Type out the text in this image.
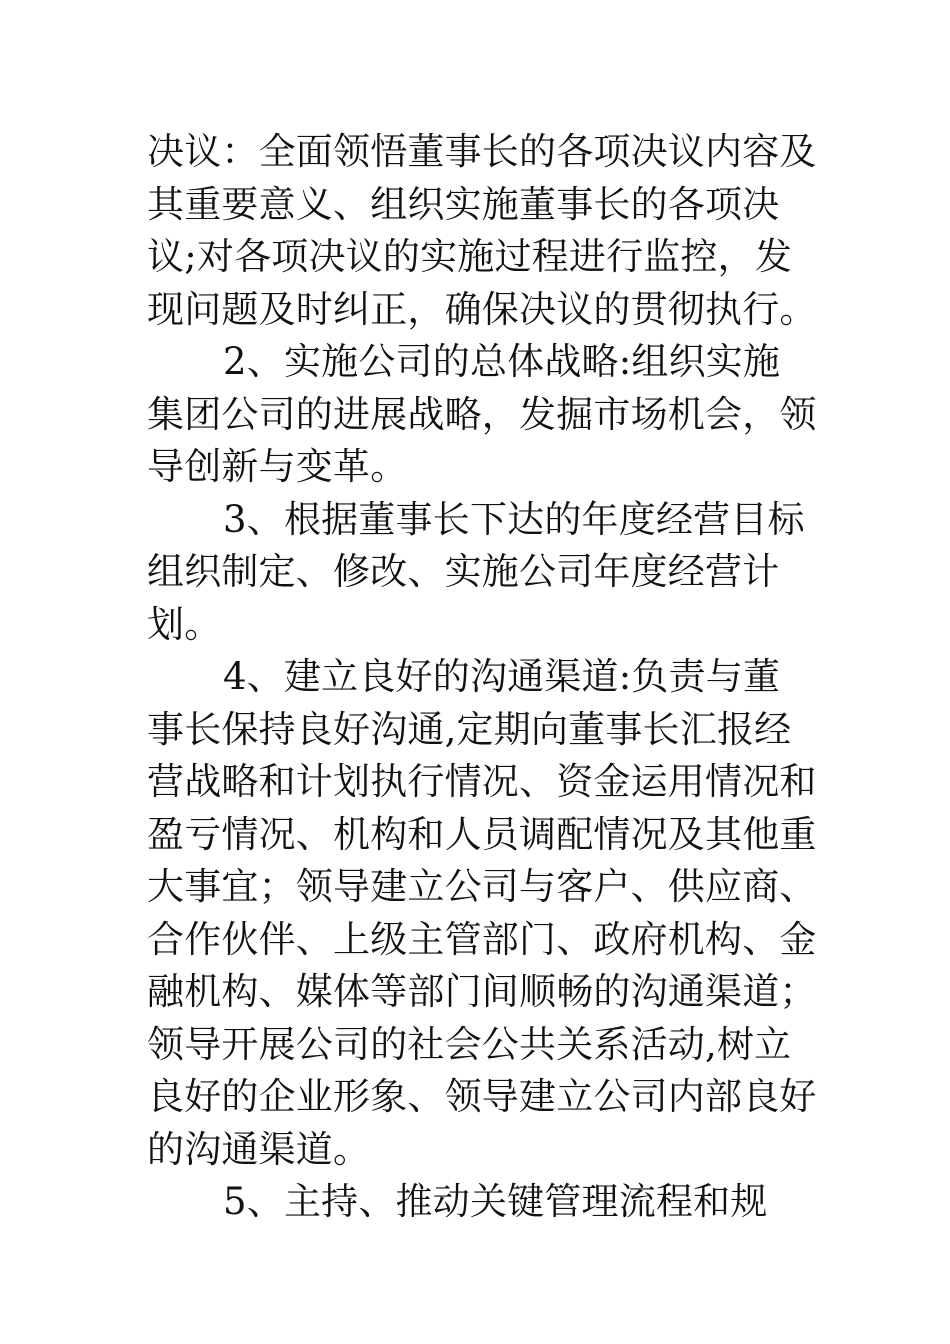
决议：全面领悟董事长的各项决议内容及其重要意义、组织实施董事长的各项决议;对各项决议的实施过程进行监控，发现问题及时纠正，确保决议的贯彻执行。

2、实施公司的总体战略:组织实施集团公司的进展战略，发掘市场机会，领导创新与变革。

3、根据董事长下达的年度经营目标组织制定、修改、实施公司年度经营计划。

4、建立良好的沟通渠道:负责与董事长保持良好沟通,定期向董事长汇报经营战略和计划执行情况、资金运用情况和盈亏情况、机构和人员调配情况及其他重大事宜；领导建立公司与客户、供应商、合作伙伴、上级主管部门、政府机构、金融机构、媒体等部门间顺畅的沟通渠道；领导开展公司的社会公共关系活动,树立良好的企业形象、领导建立公司内部良好的沟通渠道。

5、主持、推动关键管理流程和规
